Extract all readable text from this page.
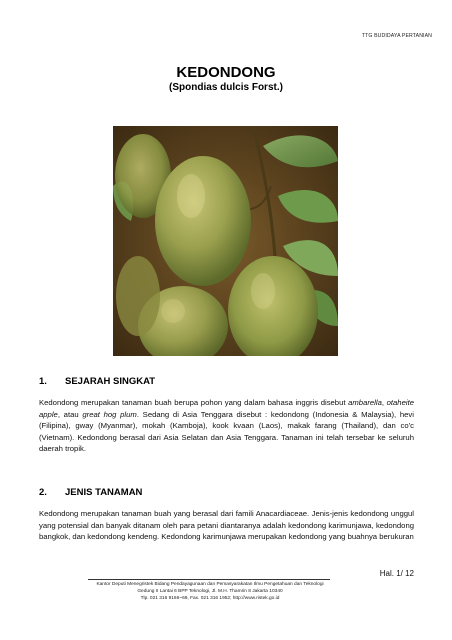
TTG BUDIDAYA PERTANIAN
KEDONDONG
(Spondias dulcis Forst.)
1. SEJARAH SINGKAT
Kedondong merupakan tanaman buah berupa pohon yang dalam bahasa inggris disebut ambarella, otaheite apple, atau great hog plum. Sedang di Asia Tenggara disebut : kedondong (Indonesia & Malaysia), hevi (Filipina), gway (Myanmar), mokah (Kamboja), kook kvaan (Laos), makak farang (Thailand), dan co'c (Vietnam). Kedondong berasal dari Asia Selatan dan Asia Tenggara. Tanaman ini telah tersebar ke seluruh daerah tropik.
2. JENIS TANAMAN
Kedondong merupakan tanaman buah yang berasal dari famili Anacardiaceae. Jenis-jenis kedondong unggul yang potensial dan banyak ditanam oleh para petani diantaranya adalah kedondong karimunjawa, kedondong bangkok, dan kedondong kendeng. Kedondong karimunjawa merupakan kedondong yang buahnya berukuran
Hal. 1/ 12
Kantor Deputi Menegristek Bidang Pendayagunaan dan Pemasyarakatan Ilmu Pengetahuan dan Teknologi
Gedung II Lantai 6 BPP Teknologi, Jl. M.H. Thamrin 8 Jakarta 10340
Tlp. 021 316 9166~69, Fax. 021 316 1952; http://www.ristek.go.id
